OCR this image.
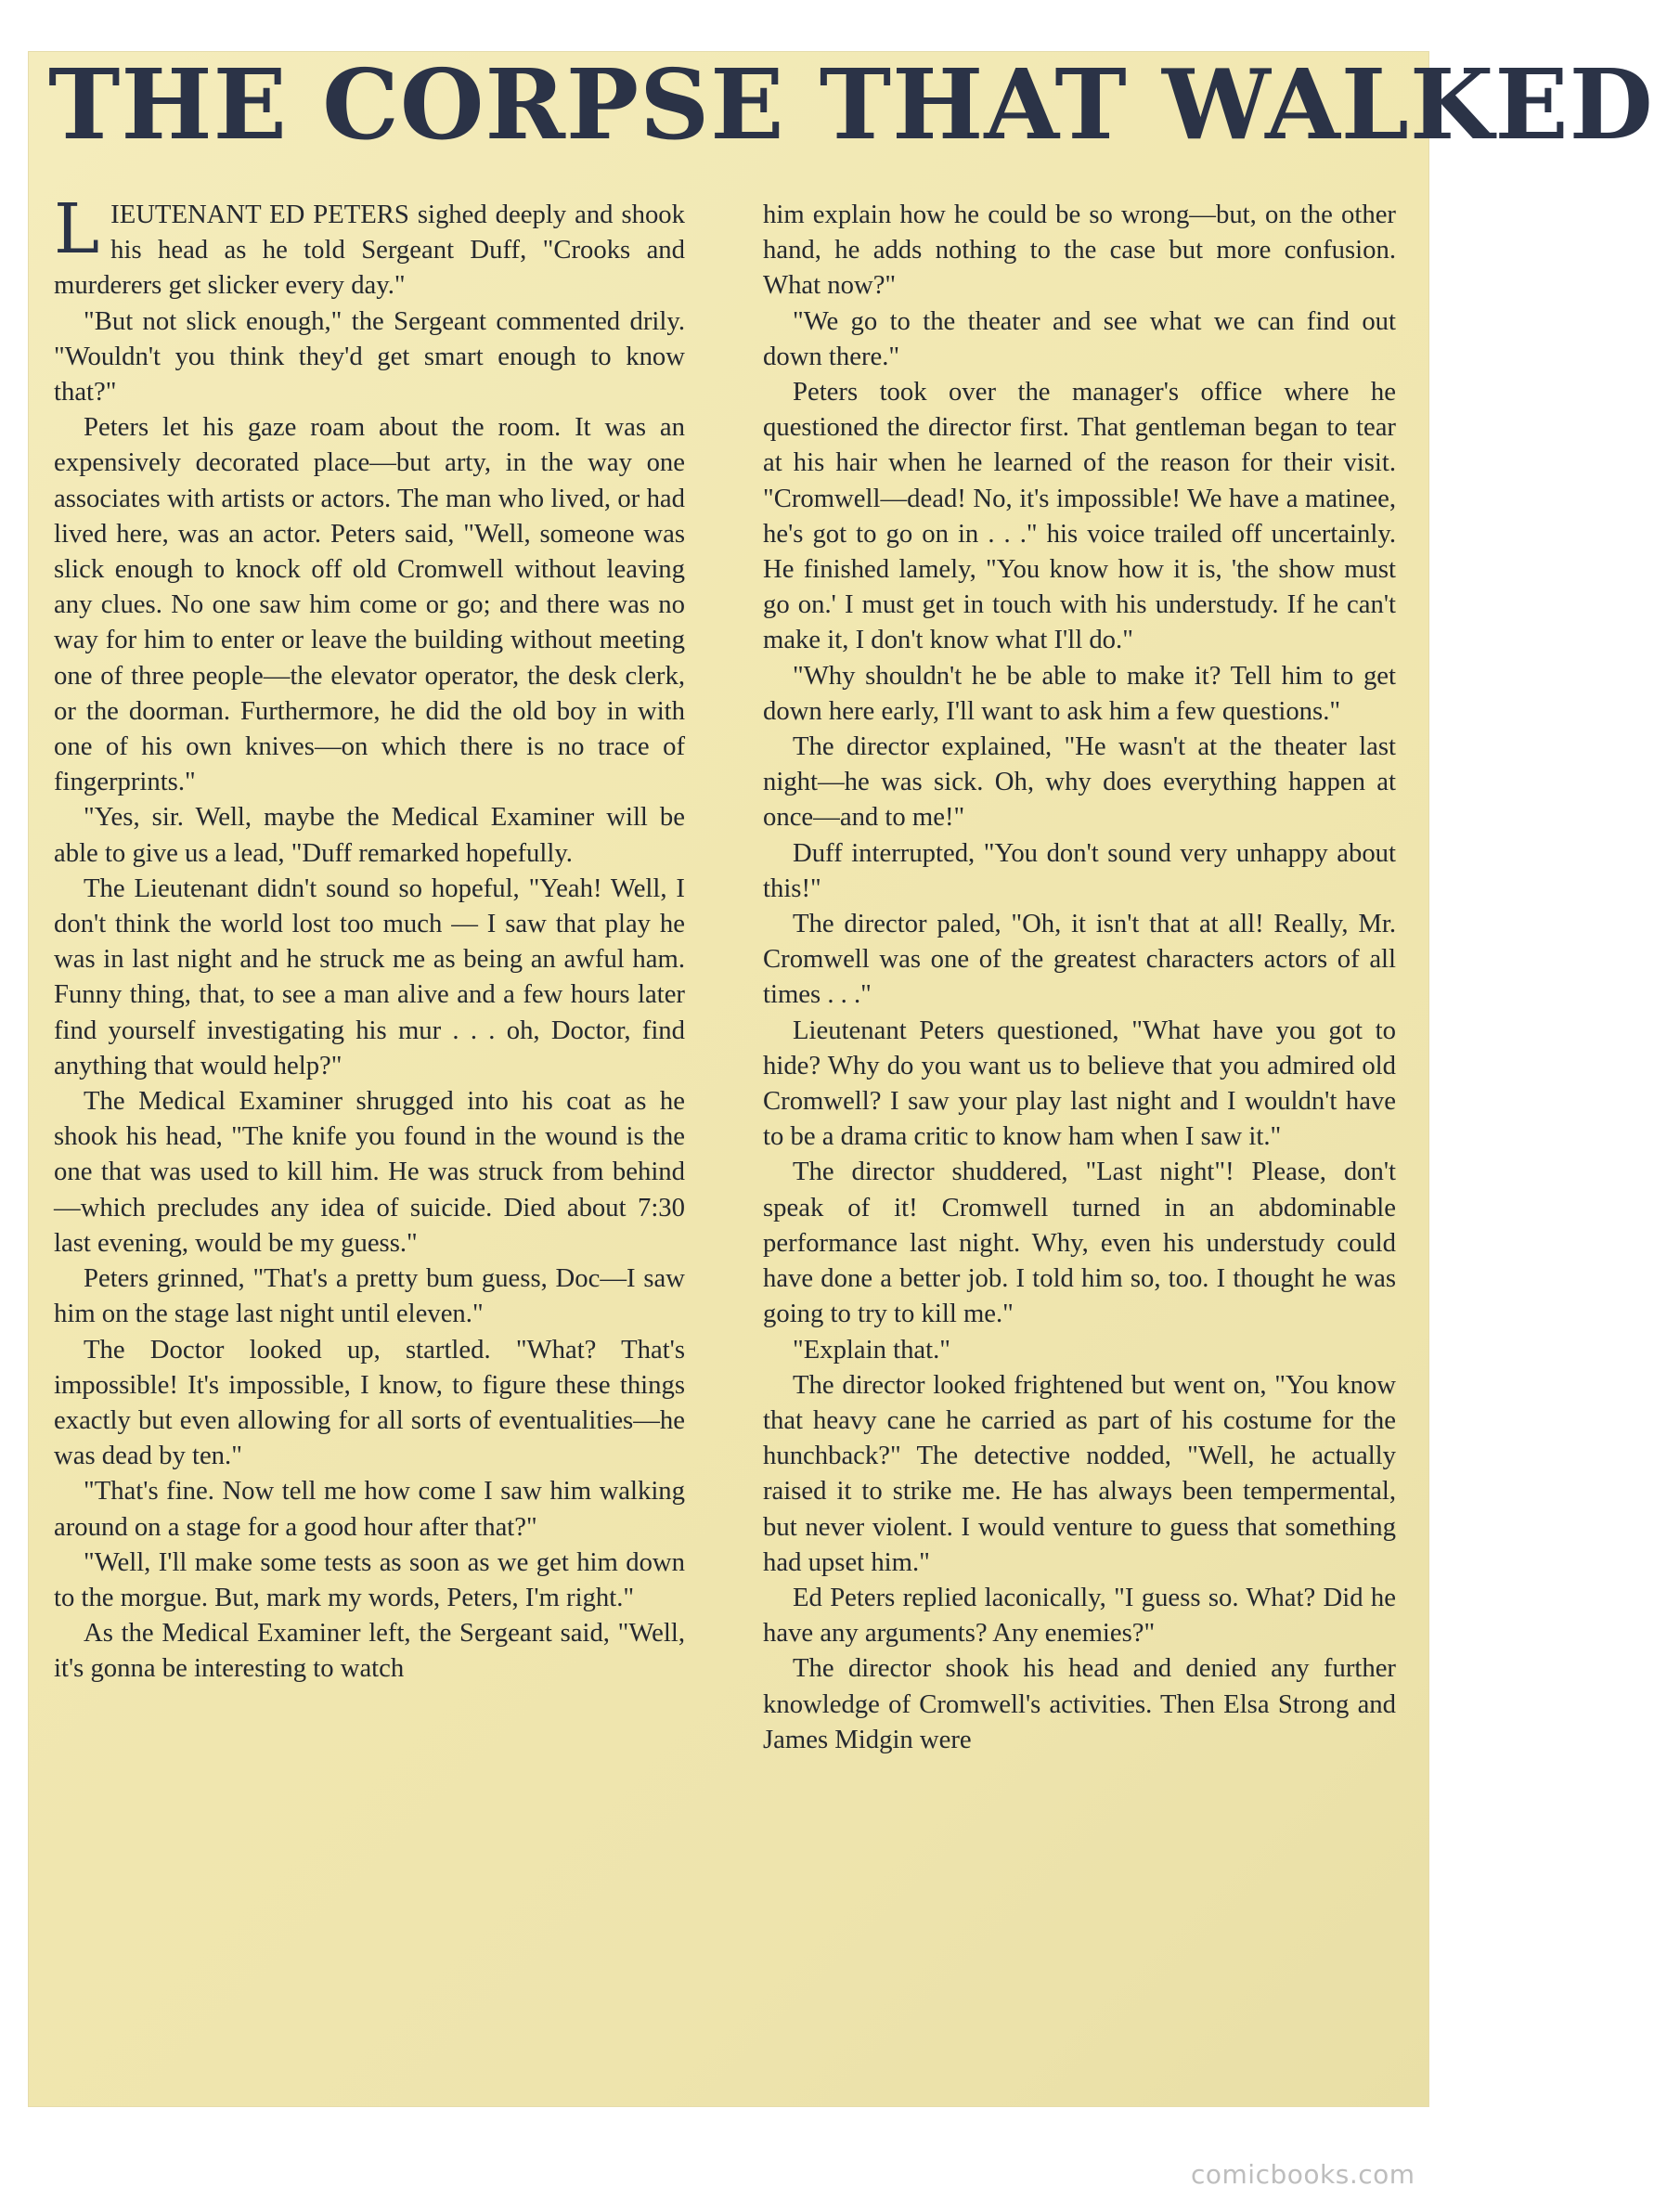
THE CORPSE THAT WALKED

LIEUTENANT ED PETERS sighed deeply and shook his head as he told Sergeant Duff, "Crooks and murderers get slicker every day."

"But not slick enough," the Sergeant commented drily. "Wouldn't you think they'd get smart enough to know that?"

Peters let his gaze roam about the room. It was an expensively decorated place—but arty, in the way one associates with artists or actors. The man who lived, or had lived here, was an actor. Peters said, "Well, someone was slick enough to knock off old Cromwell without leaving any clues. No one saw him come or go; and there was no way for him to enter or leave the building without meeting one of three people—the elevator operator, the desk clerk, or the doorman. Furthermore, he did the old boy in with one of his own knives—on which there is no trace of fingerprints."

"Yes, sir. Well, maybe the Medical Examiner will be able to give us a lead, "Duff remarked hopefully.

The Lieutenant didn't sound so hopeful, "Yeah! Well, I don't think the world lost too much — I saw that play he was in last night and he struck me as being an awful ham. Funny thing, that, to see a man alive and a few hours later find yourself investigating his mur . . . oh, Doctor, find anything that would help?"

The Medical Examiner shrugged into his coat as he shook his head, "The knife you found in the wound is the one that was used to kill him. He was struck from behind—which precludes any idea of suicide. Died about 7:30 last evening, would be my guess."

Peters grinned, "That's a pretty bum guess, Doc—I saw him on the stage last night until eleven."

The Doctor looked up, startled. "What? That's impossible! It's impossible, I know, to figure these things exactly but even allowing for all sorts of eventualities—he was dead by ten."

"That's fine. Now tell me how come I saw him walking around on a stage for a good hour after that?"

"Well, I'll make some tests as soon as we get him down to the morgue. But, mark my words, Peters, I'm right."

As the Medical Examiner left, the Sergeant said, "Well, it's gonna be interesting to watch

him explain how he could be so wrong—but, on the other hand, he adds nothing to the case but more confusion. What now?"

"We go to the theater and see what we can find out down there."

Peters took over the manager's office where he questioned the director first. That gentleman began to tear at his hair when he learned of the reason for their visit. "Cromwell—dead! No, it's impossible! We have a matinee, he's got to go on in . . ." his voice trailed off uncertainly. He finished lamely, "You know how it is, 'the show must go on.' I must get in touch with his understudy. If he can't make it, I don't know what I'll do."

"Why shouldn't he be able to make it? Tell him to get down here early, I'll want to ask him a few questions."

The director explained, "He wasn't at the theater last night—he was sick. Oh, why does everything happen at once—and to me!"

Duff interrupted, "You don't sound very unhappy about this!"

The director paled, "Oh, it isn't that at all! Really, Mr. Cromwell was one of the greatest characters actors of all times . . ."

Lieutenant Peters questioned, "What have you got to hide? Why do you want us to believe that you admired old Cromwell? I saw your play last night and I wouldn't have to be a drama critic to know ham when I saw it."

The director shuddered, "Last night"! Please, don't speak of it! Cromwell turned in an abdominable performance last night. Why, even his understudy could have done a better job. I told him so, too. I thought he was going to try to kill me."

"Explain that."

The director looked frightened but went on, "You know that heavy cane he carried as part of his costume for the hunchback?" The detective nodded, "Well, he actually raised it to strike me. He has always been tempermental, but never violent. I would venture to guess that something had upset him."

Ed Peters replied laconically, "I guess so. What? Did he have any arguments? Any enemies?"

The director shook his head and denied any further knowledge of Cromwell's activities. Then Elsa Strong and James Midgin were

comicbooks.com
